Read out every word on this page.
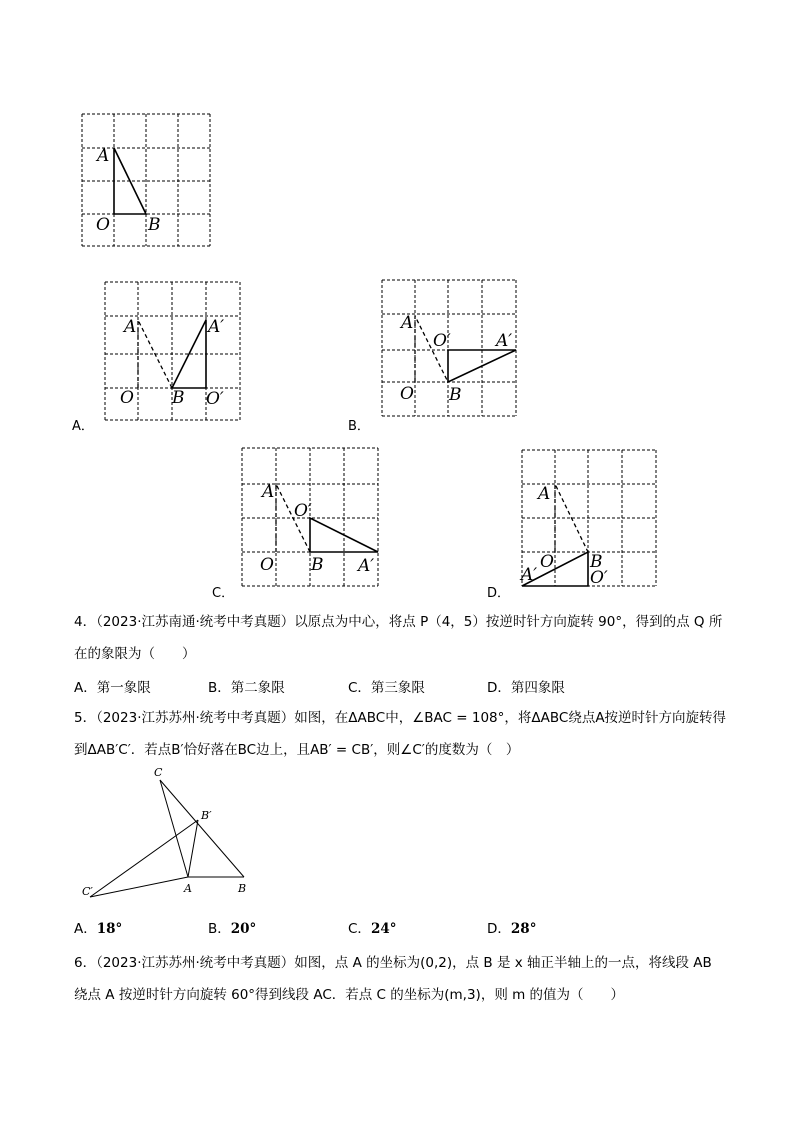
A
O B
A．
A	A′
O B O′
B．
A
O′	A′
O B
C．
A
O′
O B A′
D．
A
O B
A′	O′
4．（2023·江苏南通·统考中考真题）以原点为中心，将点 P（4，5）按逆时针方向旋转 90°，得到的点 Q 所
在的象限为（　　）
A．第一象限	B．第二象限	C．第三象限	D．第四象限
5．（2023·江苏苏州·统考中考真题）如图，在ΔABC中，∠BAC = 108°，将ΔABC绕点A按逆时针方向旋转得
到ΔAB′C′．若点B′恰好落在BC边上，且AB′ = CB′，则∠C′的度数为（　）
C
B′
C′	A	B
A．18°	B．20°	C．24°	D．28°
6．（2023·江苏苏州·统考中考真题）如图，点 A 的坐标为(0,2)，点 B 是 x 轴正半轴上的一点，将线段 AB
绕点 A 按逆时针方向旋转 60°得到线段 AC．若点 C 的坐标为(m,3)，则 m 的值为（　　）
